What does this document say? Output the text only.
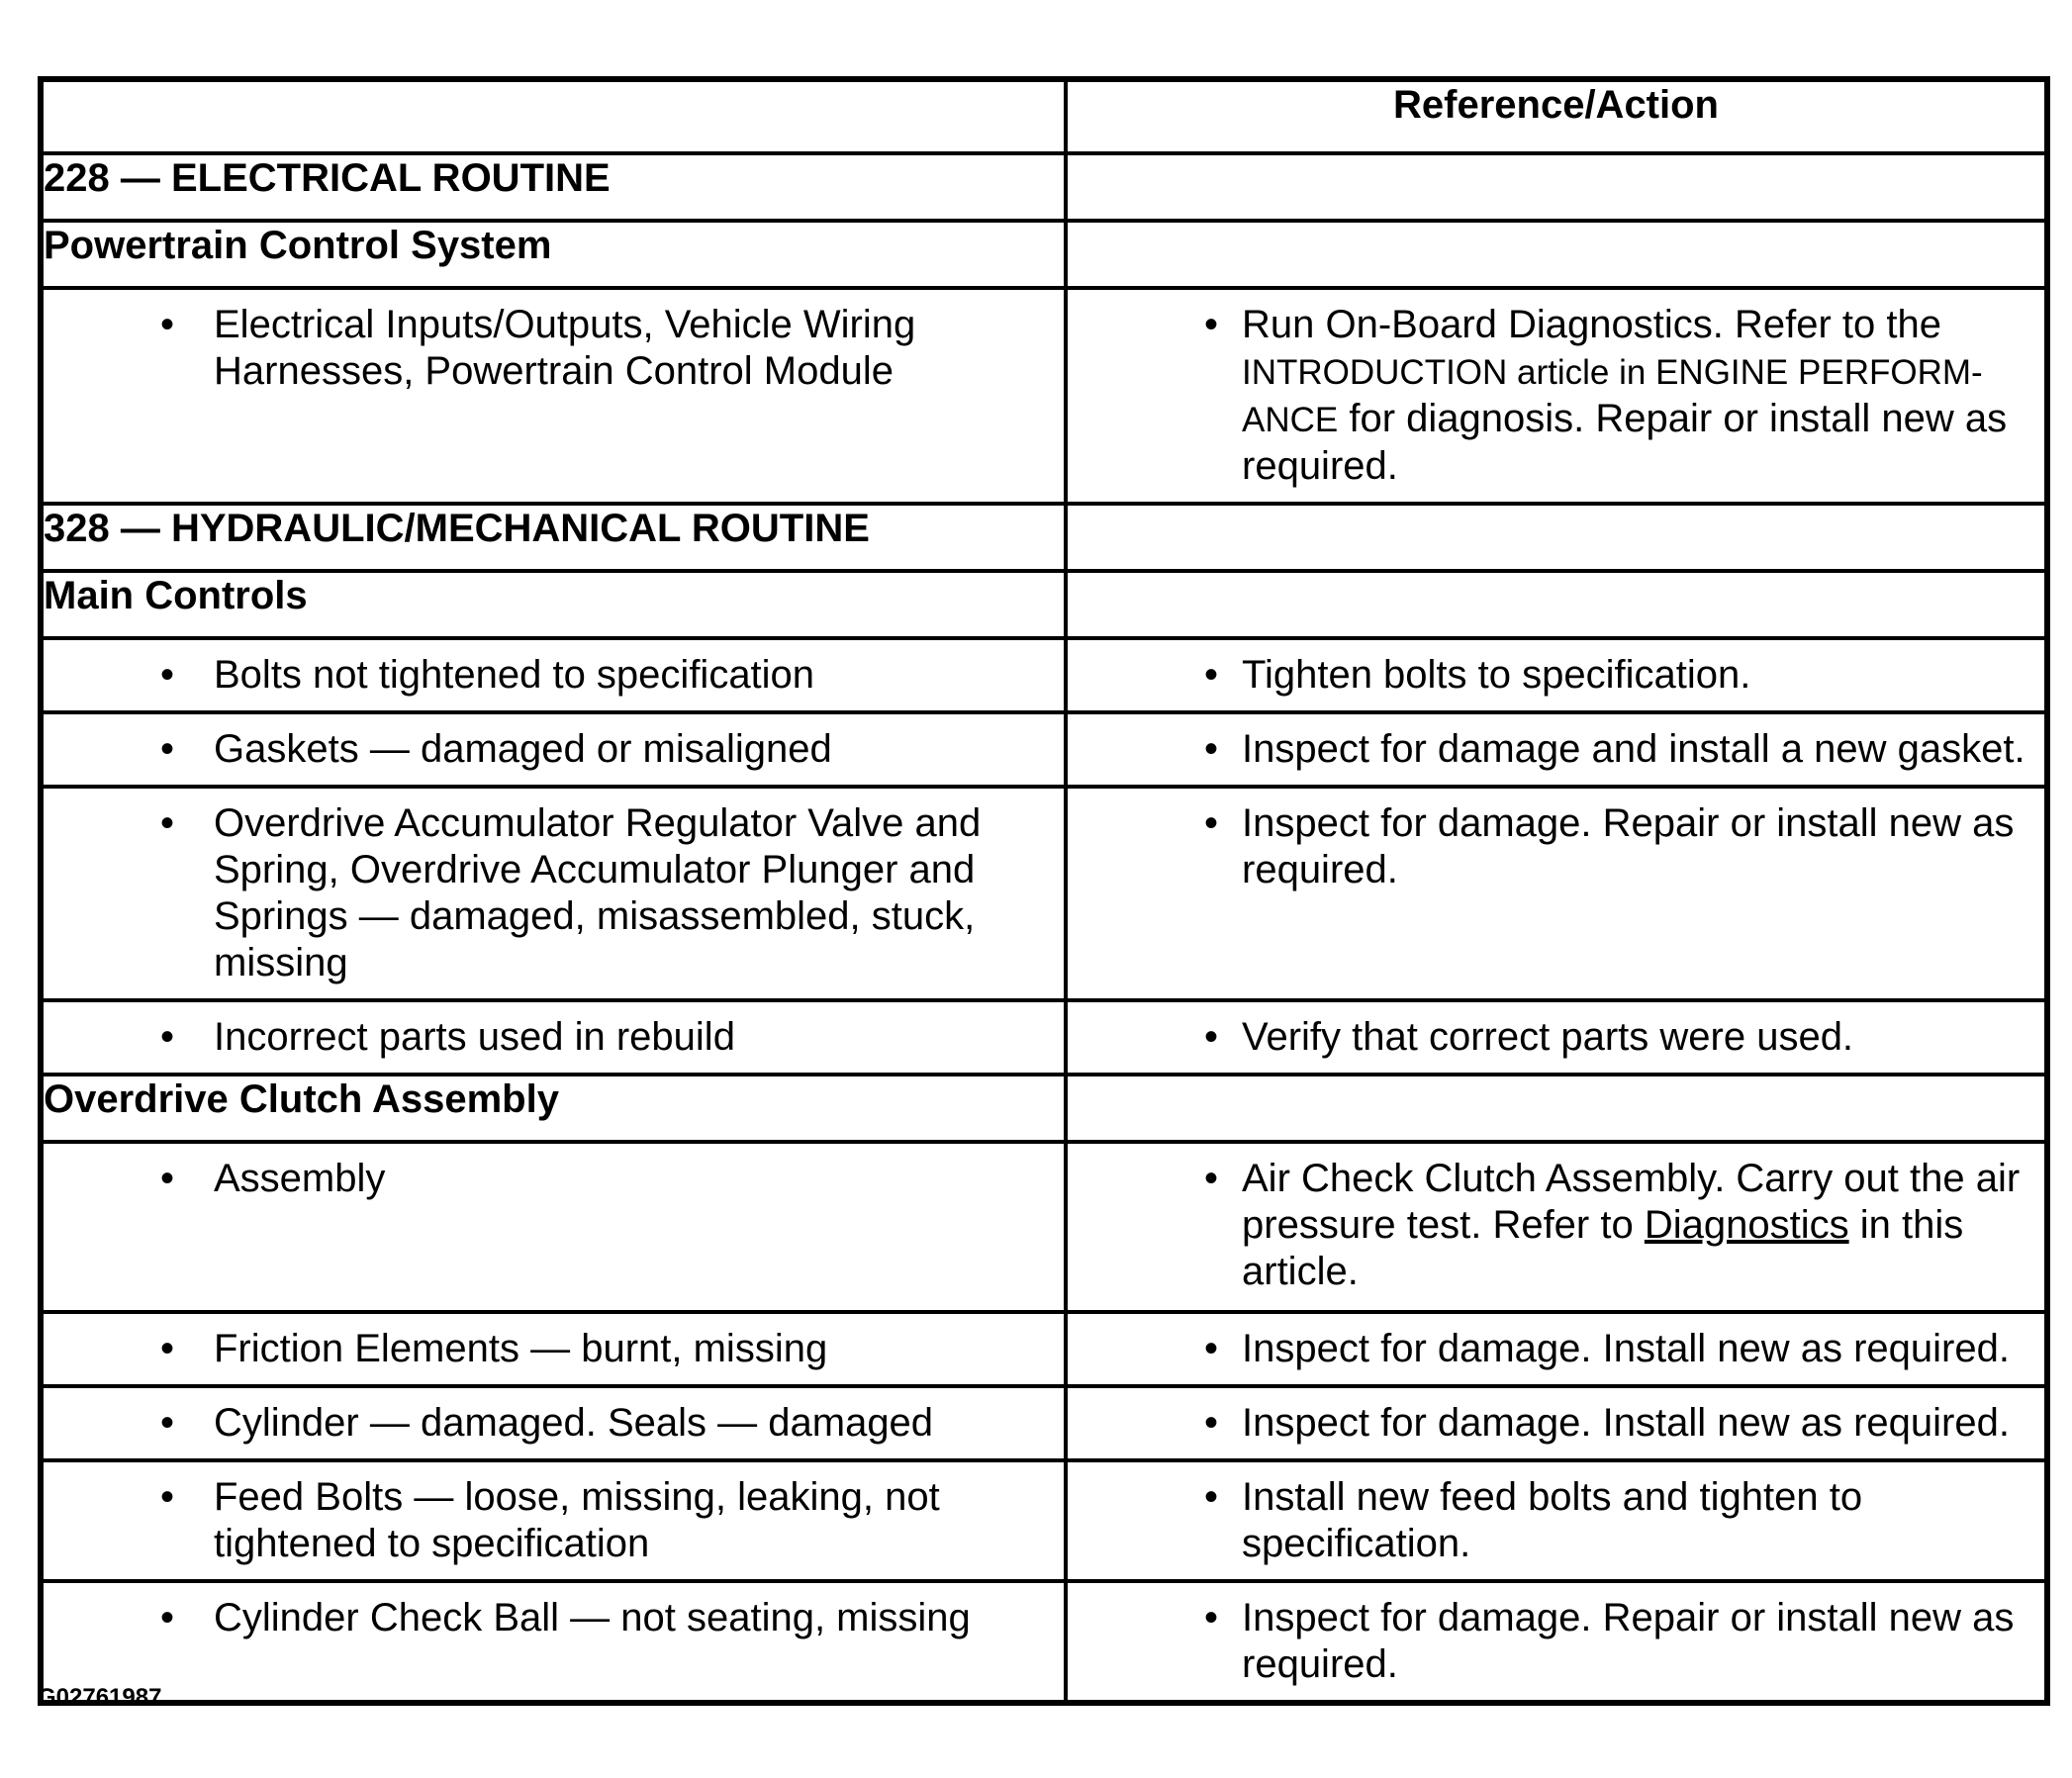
	Reference/Action
228 — ELECTRICAL ROUTINE	
Powertrain Control System	

• Electrical Inputs/Outputs, Vehicle Wiring Harnesses, Powertrain Control Module	• Run On-Board Diagnostics. Refer to the INTRODUCTION article in ENGINE PERFORM-ANCE for diagnosis. Repair or install new as required.

328 — HYDRAULIC/MECHANICAL ROUTINE	
Main Controls	

• Bolts not tightened to specification	• Tighten bolts to specification.

• Gaskets — damaged or misaligned	• Inspect for damage and install a new gasket.

• Overdrive Accumulator Regulator Valve and Spring, Overdrive Accumulator Plunger and Springs — damaged, misassembled, stuck, missing	• Inspect for damage. Repair or install new as required.

• Incorrect parts used in rebuild	• Verify that correct parts were used.

Overdrive Clutch Assembly	

• Assembly	• Air Check Clutch Assembly. Carry out the air pressure test. Refer to Diagnostics in this article.

• Friction Elements — burnt, missing	• Inspect for damage. Install new as required.

• Cylinder — damaged. Seals — damaged	• Inspect for damage. Install new as required.

• Feed Bolts — loose, missing, leaking, not tightened to specification	• Install new feed bolts and tighten to specification.

• Cylinder Check Ball — not seating, missing	• Inspect for damage. Repair or install new as required.
G02761987
